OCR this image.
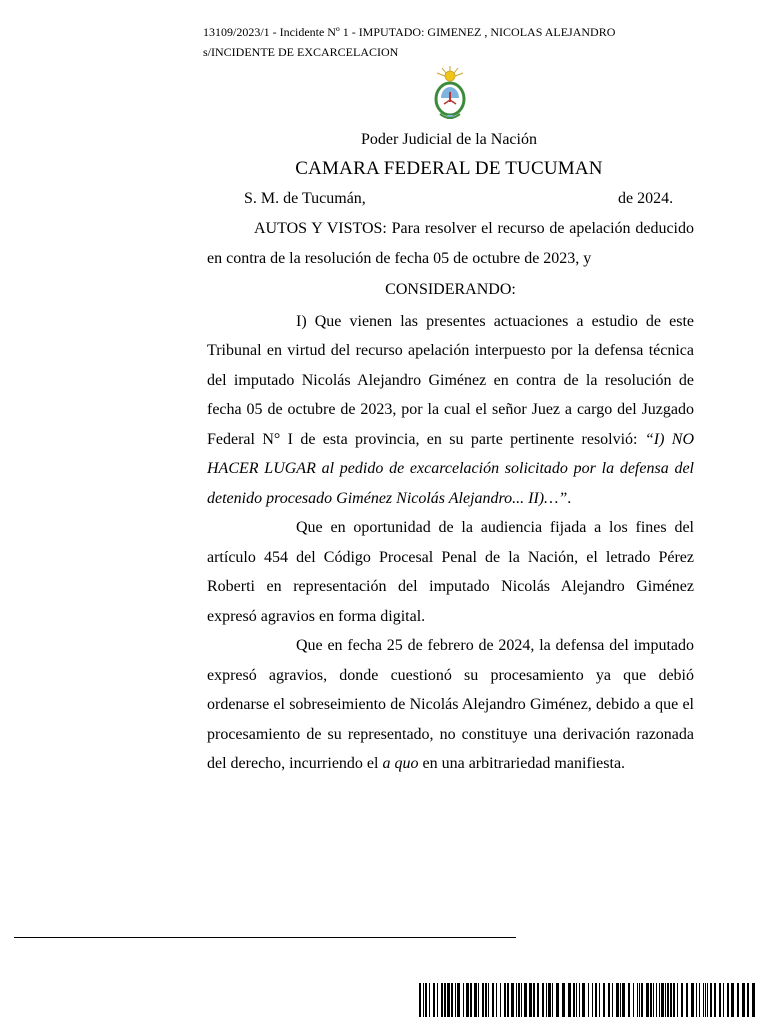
13109/2023/1 - Incidente Nº 1 - IMPUTADO: GIMENEZ , NICOLAS ALEJANDRO
s/INCIDENTE DE EXCARCELACION
Poder Judicial de la Nación
CAMARA FEDERAL DE TUCUMAN
S. M. de Tucumán,	de 2024.

AUTOS Y VISTOS: Para resolver el recurso de apelación deducido en contra de la resolución de fecha 05 de octubre de 2023, y

CONSIDERANDO:

I) Que vienen las presentes actuaciones a estudio de este Tribunal en virtud del recurso apelación interpuesto por la defensa técnica del imputado Nicolás Alejandro Giménez en contra de la resolución de fecha 05 de octubre de 2023, por la cual el señor Juez a cargo del Juzgado Federal N° I de esta provincia, en su parte pertinente resolvió: “I) NO HACER LUGAR al pedido de excarcelación solicitado por la defensa del detenido procesado Giménez Nicolás Alejandro... II)…”.

Que en oportunidad de la audiencia fijada a los fines del artículo 454 del Código Procesal Penal de la Nación, el letrado Pérez Roberti en representación del imputado Nicolás Alejandro Giménez expresó agravios en forma digital.

Que en fecha 25 de febrero de 2024, la defensa del imputado expresó agravios, donde cuestionó su procesamiento ya que debió ordenarse el sobreseimiento de Nicolás Alejandro Giménez, debido a que el procesamiento de su representado, no constituye una derivación razonada del derecho, incurriendo el a quo en una arbitrariedad manifiesta.
